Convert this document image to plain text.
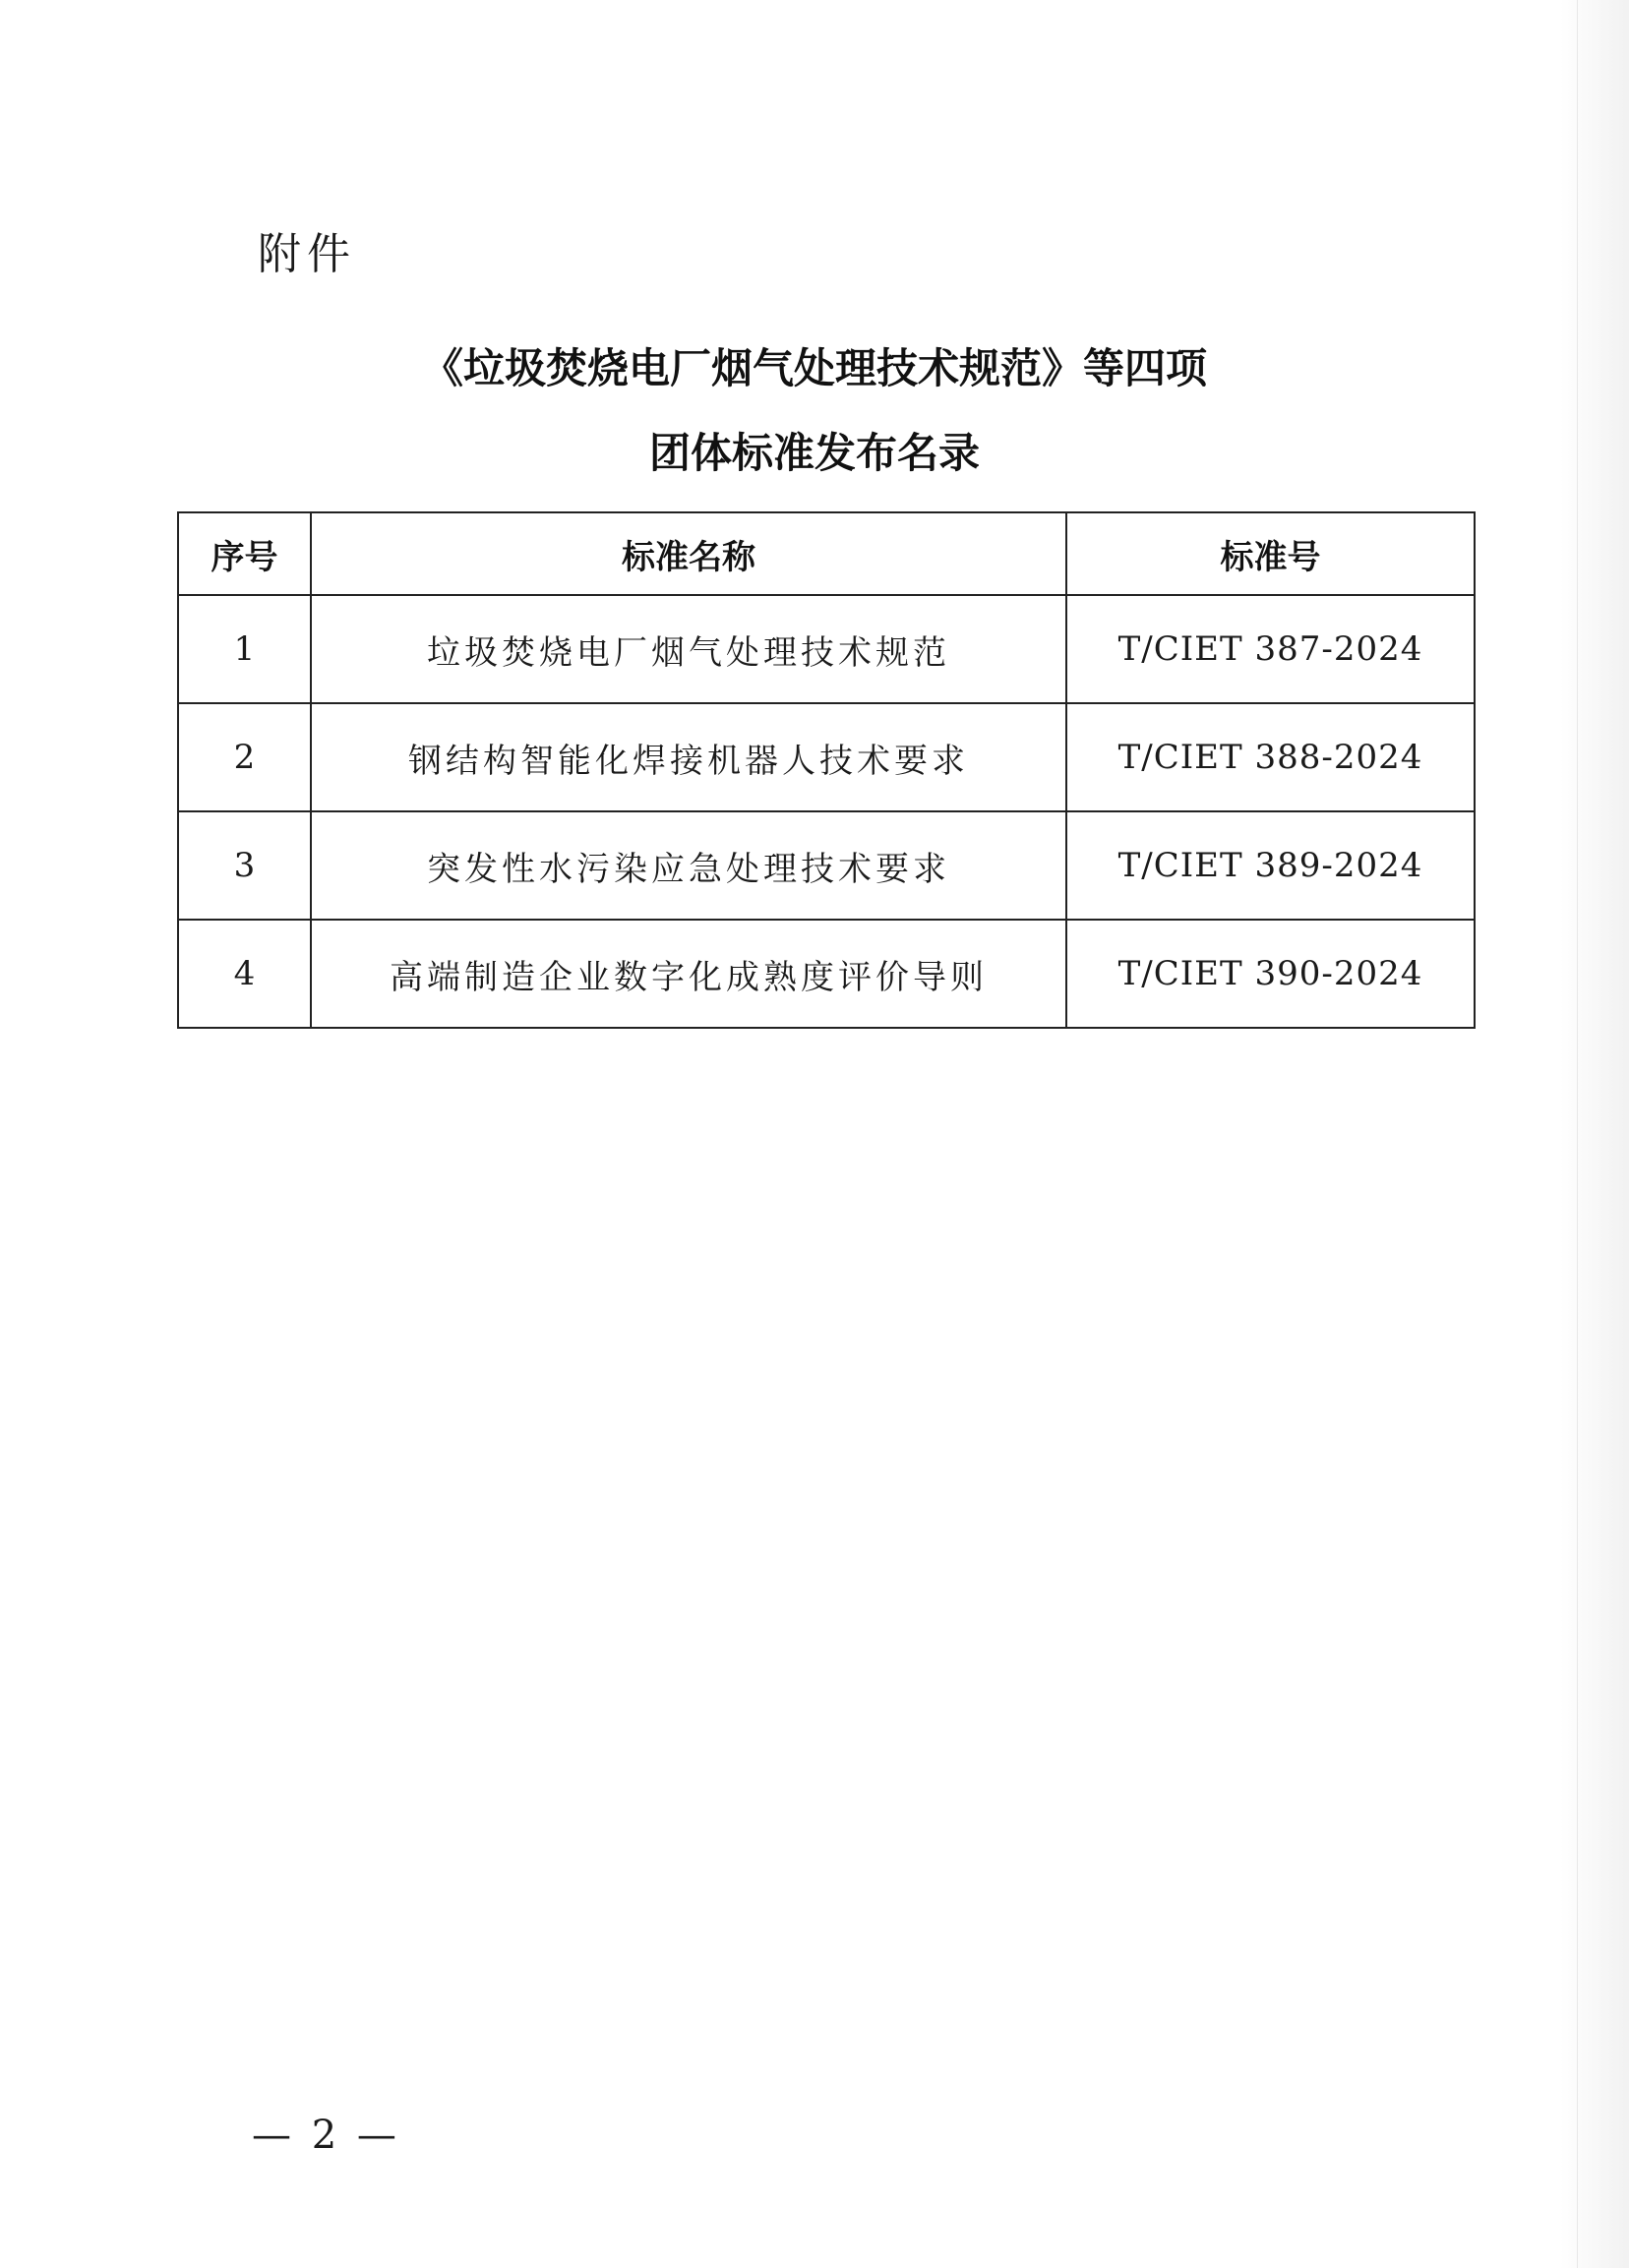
附件
《垃圾焚烧电厂烟气处理技术规范》等四项
团体标准发布名录
序号	标准名称	标准号
1	垃圾焚烧电厂烟气处理技术规范	T/CIET 387-2024
2	钢结构智能化焊接机器人技术要求	T/CIET 388-2024
3	突发性水污染应急处理技术要求	T/CIET 389-2024
4	高端制造企业数字化成熟度评价导则	T/CIET 390-2024
— 2 —
